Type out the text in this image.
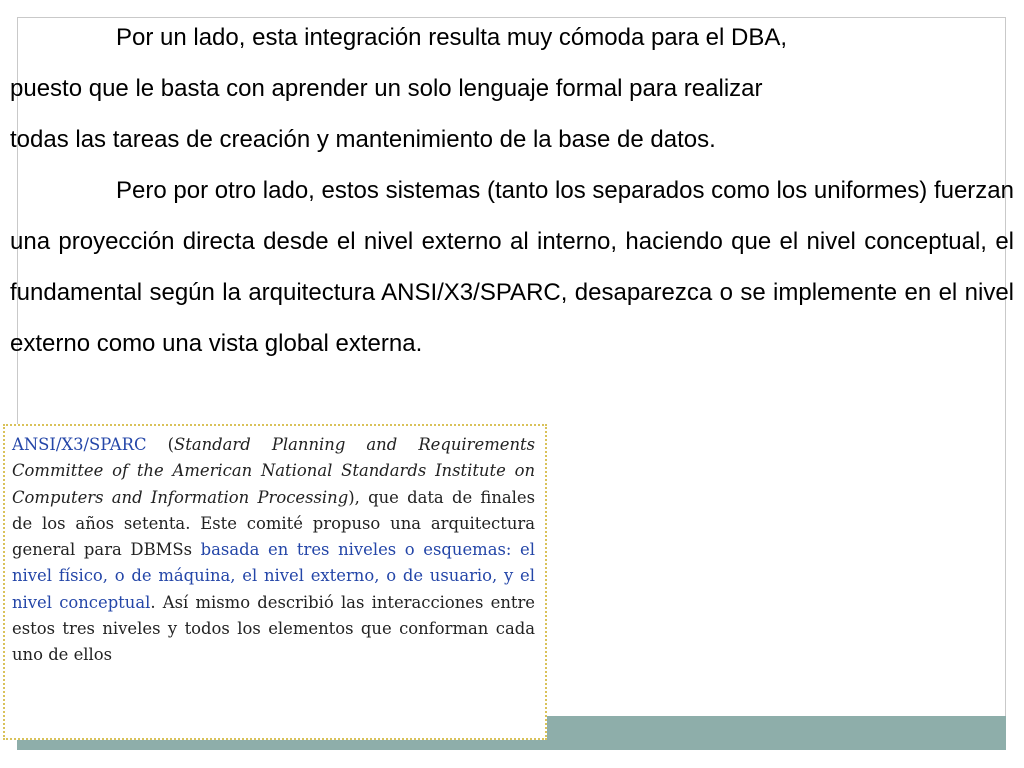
Por un lado, esta integración resulta muy cómoda para el DBA,
puesto que le basta con aprender un solo lenguaje formal para realizar
todas las tareas de creación y mantenimiento de la base de datos.

Pero por otro lado, estos sistemas (tanto los separados como los uniformes) fuerzan una proyección directa desde el nivel externo al interno, haciendo que el nivel conceptual, el fundamental según la arquitectura ANSI/X3/SPARC, desaparezca o se implemente en el nivel externo como una vista global externa.

ANSI/X3/SPARC (Standard Planning and Requirements Committee of the American National Standards Institute on Computers and Information Processing), que data de finales de los años setenta. Este comité propuso una arquitectura general para DBMSs basada en tres niveles o esquemas: el nivel físico, o de máquina, el nivel externo, o de usuario, y el nivel conceptual. Así mismo describió las interacciones entre estos tres niveles y todos los elementos que conforman cada uno de ellos
